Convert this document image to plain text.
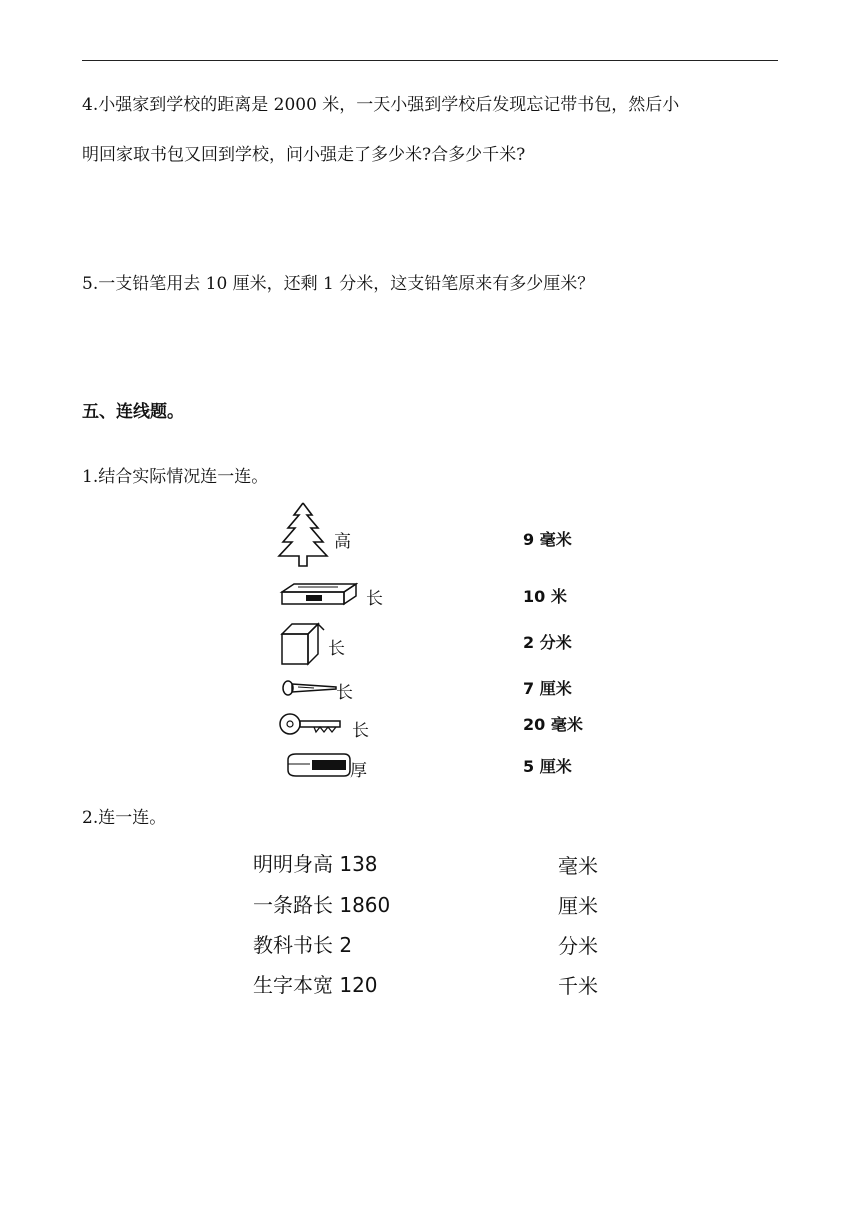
4.小强家到学校的距离是 2000 米，一天小强到学校后发现忘记带书包，然后小
明回家取书包又回到学校，问小强走了多少米?合多少千米?
5.一支铅笔用去 10 厘米，还剩 1 分米，这支铅笔原来有多少厘米？
五、连线题。
1.结合实际情况连一连。
高	9 毫米
长	10 米
长	2 分米
长	7 厘米
长	20 毫米
厚	5 厘米
2.连一连。
明明身高 138
一条路长 1860
教科书长 2
生字本宽 120
毫米
厘米
分米
千米
